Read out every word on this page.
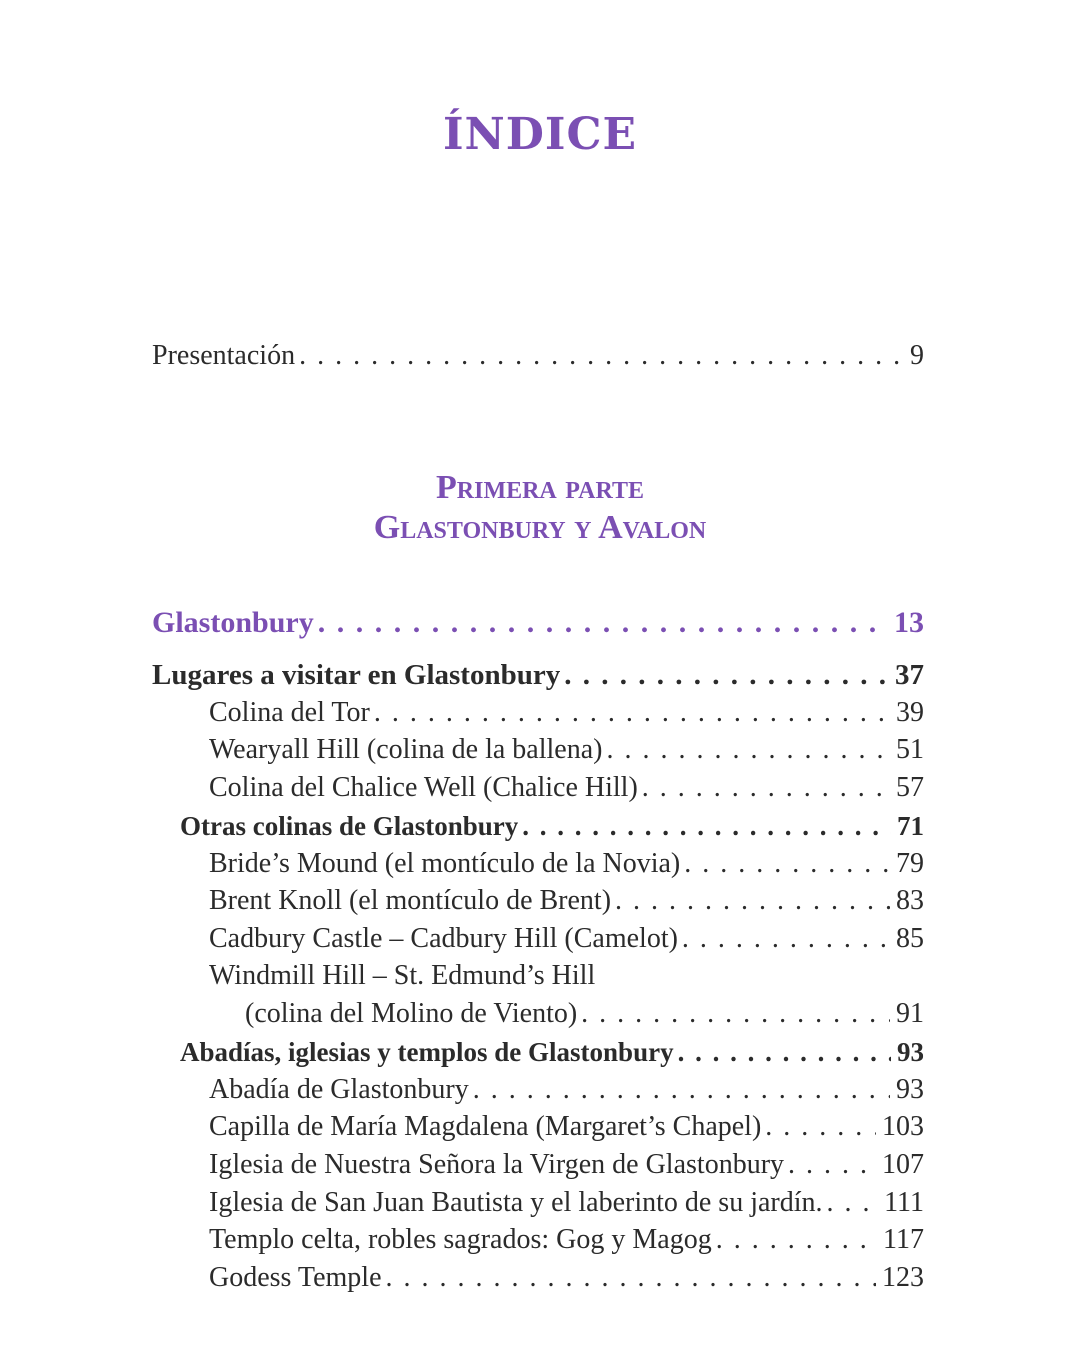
ÍNDICE
Presentación . . .	9
Primera parte
Glastonbury y Avalon
Glastonbury . . .	13
Lugares a visitar en Glastonbury . . .	37
Colina del Tor . . .	39
Wearyall Hill (colina de la ballena) . . .	51
Colina del Chalice Well (Chalice Hill) . . .	57
Otras colinas de Glastonbury . . .	71
Bride’s Mound (el montículo de la Novia) . . .	79
Brent Knoll (el montículo de Brent) . . .	83
Cadbury Castle – Cadbury Hill (Camelot) . . .	85
Windmill Hill – St. Edmund’s Hill
(colina del Molino de Viento) . . .	91
Abadías, iglesias y templos de Glastonbury . . .	93
Abadía de Glastonbury . . .	93
Capilla de María Magdalena (Margaret’s Chapel) . . .	103
Iglesia de Nuestra Señora la Virgen de Glastonbury . . .	107
Iglesia de San Juan Bautista y el laberinto de su jardín. . . . 111
Templo celta, robles sagrados: Gog y Magog . . .	117
Godess Temple . . .	123
